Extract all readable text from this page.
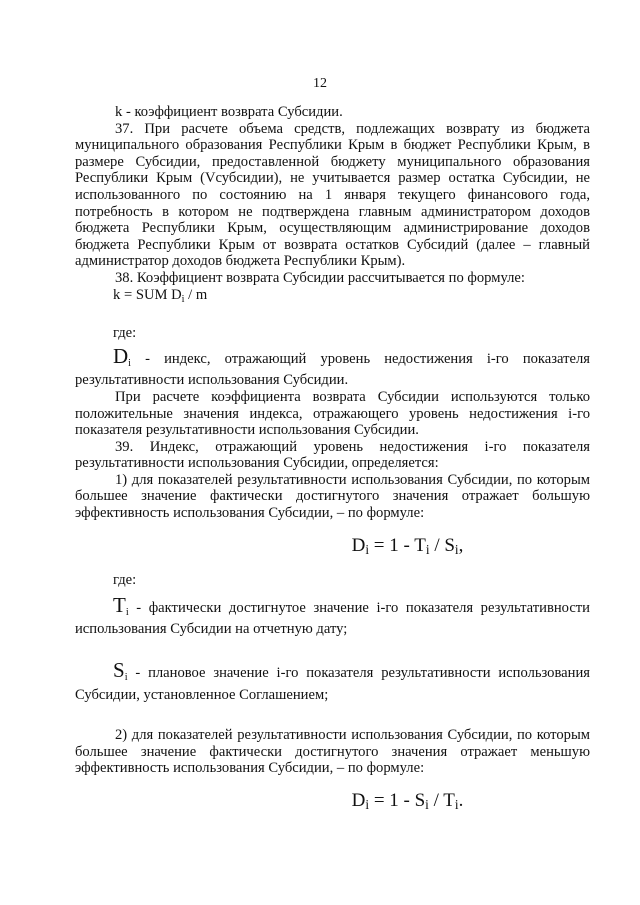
12

k - коэффициент возврата Субсидии.

37. При расчете объема средств, подлежащих возврату из бюджета муниципального образования Республики Крым в бюджет Республики Крым, в размере Субсидии, предоставленной бюджету муниципального образования Республики Крым (Vсубсидии), не учитывается размер остатка Субсидии, не использованного по состоянию на 1 января текущего финансового года, потребность в котором не подтверждена главным администратором доходов бюджета Республики Крым, осуществляющим администрирование доходов бюджета Республики Крым от возврата остатков Субсидий (далее – главный администратор доходов бюджета Республики Крым).

38. Коэффициент возврата Субсидии рассчитывается по формуле:

k = SUM $D_i$ / m

где:

$D_i$ - индекс, отражающий уровень недостижения i-го показателя результативности использования Субсидии.

При расчете коэффициента возврата Субсидии используются только положительные значения индекса, отражающего уровень недостижения i-го показателя результативности использования Субсидии.

39. Индекс, отражающий уровень недостижения i-го показателя результативности использования Субсидии, определяется:

1) для показателей результативности использования Субсидии, по которым большее значение фактически достигнутого значения отражает большую эффективность использования Субсидии, – по формуле:

$D_i = 1 - T_i / S_i$,

где:

$T_i$ - фактически достигнутое значение i-го показателя результативности использования Субсидии на отчетную дату;

$S_i$ - плановое значение i-го показателя результативности использования Субсидии, установленное Соглашением;

2) для показателей результативности использования Субсидии, по которым большее значение фактически достигнутого значения отражает меньшую эффективность использования Субсидии, – по формуле:

$D_i = 1 - S_i / T_i$.
